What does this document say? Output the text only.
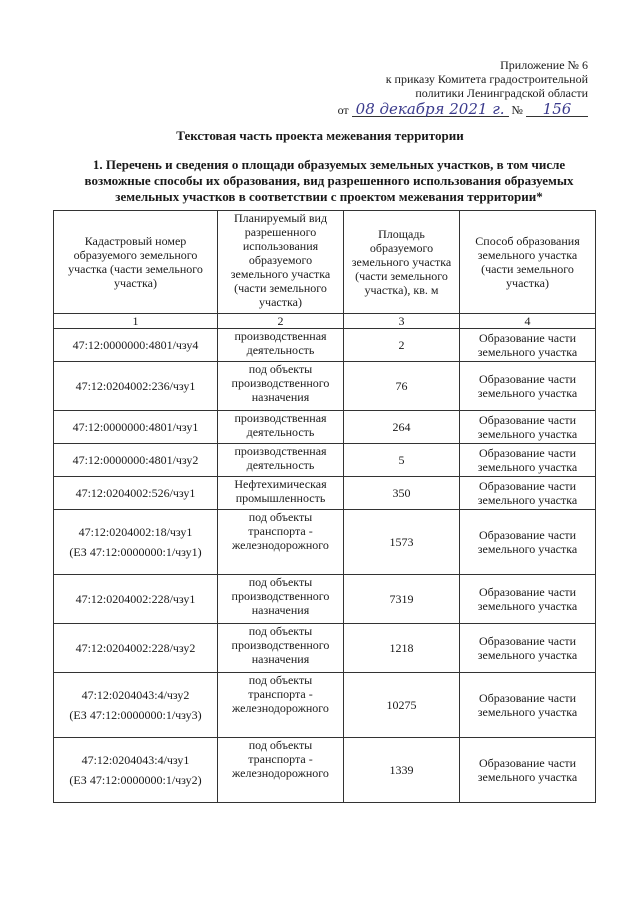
Приложение № 6
к приказу Комитета градостроительной
политики Ленинградской области
от 08 декабря 2021 г. № 156
Текстовая часть проекта межевания территории
1. Перечень и сведения о площади образуемых земельных участков, в том числе возможные способы их образования, вид разрешенного использования образуемых земельных участков в соответствии с проектом межевания территории*
Кадастровый номер образуемого земельного участка (части земельного участка)	Планируемый вид разрешенного использования образуемого земельного участка (части земельного участка)	Площадь образуемого земельного участка (части земельного участка), кв. м	Способ образования земельного участка (части земельного участка)
1	2	3	4
47:12:0000000:4801/чзу4	производственная деятельность	2	Образование части земельного участка
47:12:0204002:236/чзу1	под объекты производственного назначения	76	Образование части земельного участка
47:12:0000000:4801/чзу1	производственная деятельность	264	Образование части земельного участка
47:12:0000000:4801/чзу2	производственная деятельность	5	Образование части земельного участка
47:12:0204002:526/чзу1	Нефтехимическая промышленность	350	Образование части земельного участка

47:12:0204002:18/чзу1
(ЕЗ 47:12:0000000:1/чзу1)	под объекты транспорта - железнодорожного	1573	Образование части земельного участка
47:12:0204002:228/чзу1	под объекты производственного назначения	7319	Образование части земельного участка
47:12:0204002:228/чзу2	под объекты производственного назначения	1218	Образование части земельного участка

47:12:0204043:4/чзу2
(ЕЗ 47:12:0000000:1/чзу3)	под объекты транспорта - железнодорожного	10275	Образование части земельного участка

47:12:0204043:4/чзу1
(ЕЗ 47:12:0000000:1/чзу2)	под объекты транспорта - железнодорожного	1339	Образование части земельного участка
